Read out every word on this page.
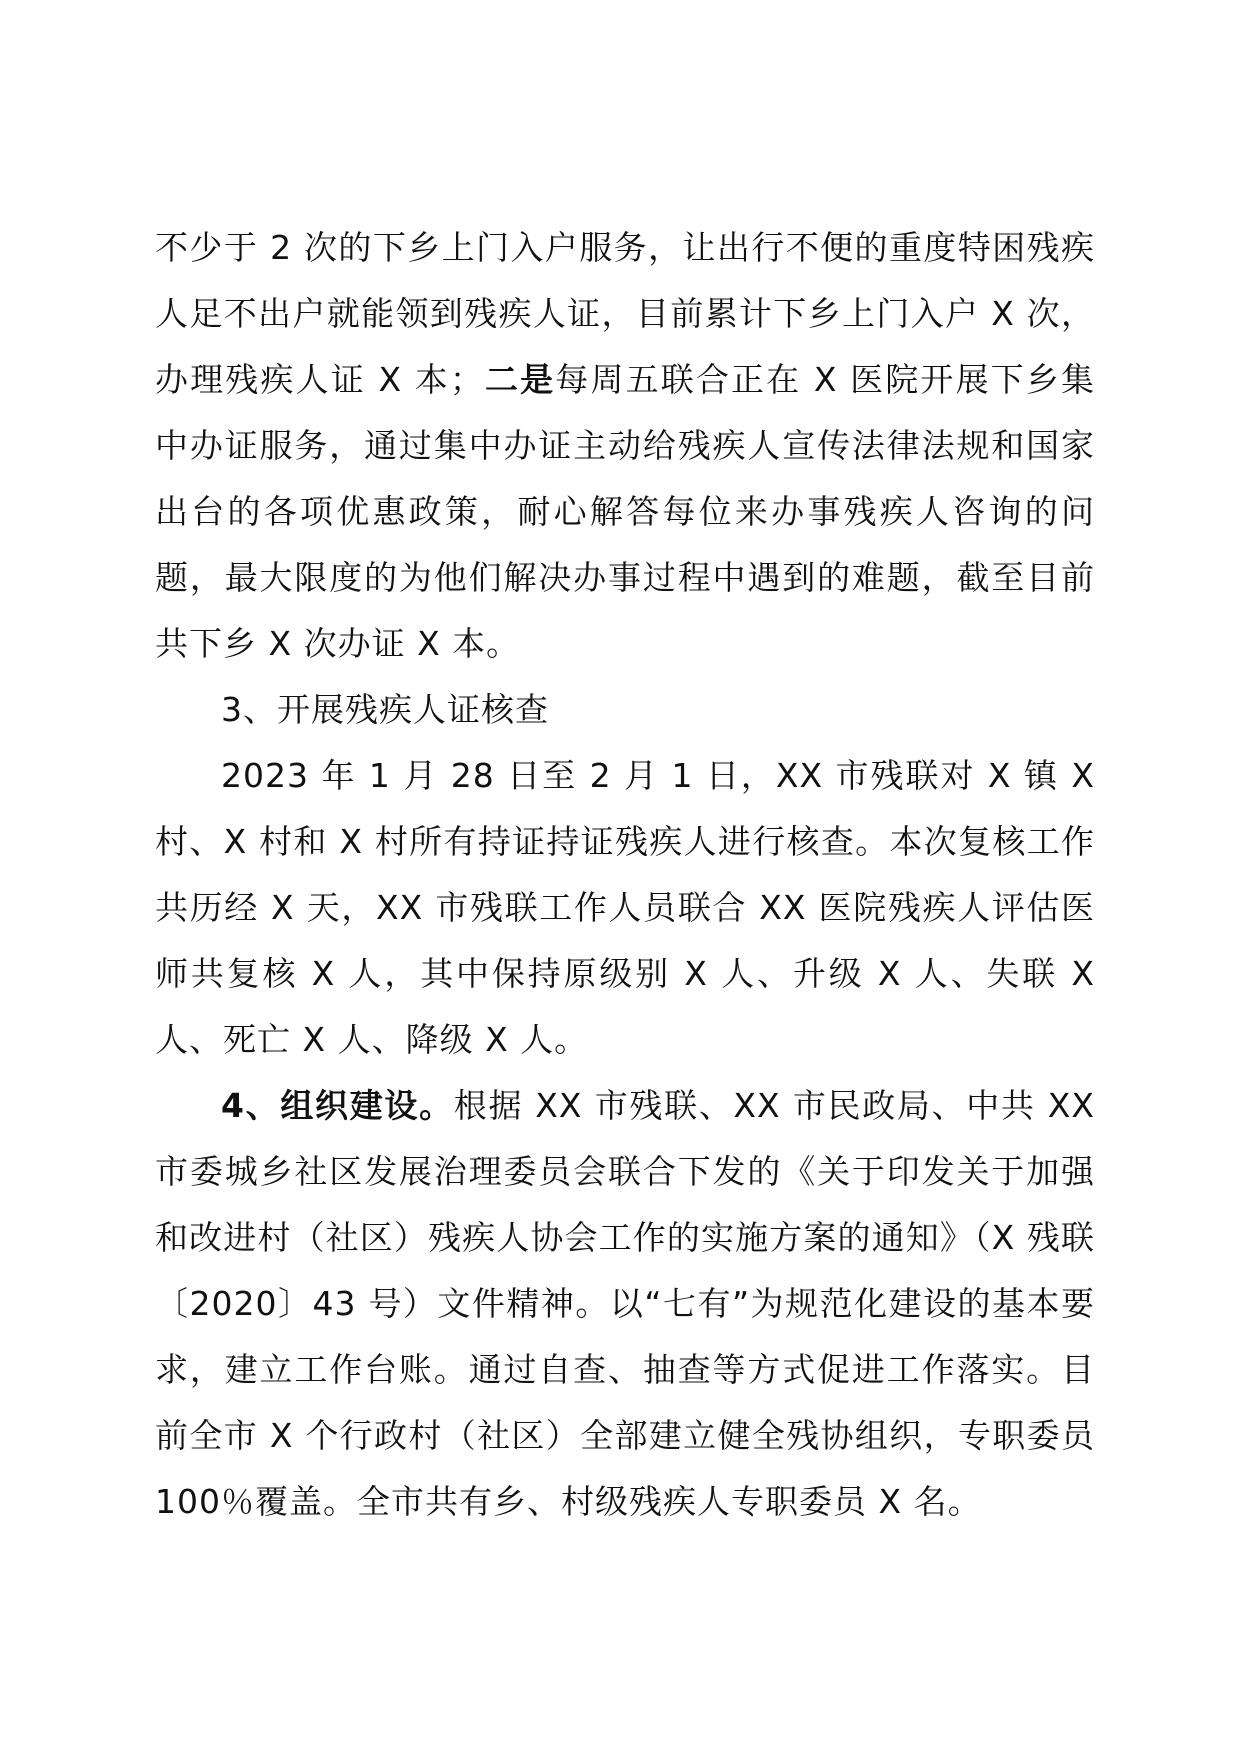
不少于 2 次的下乡上门入户服务，让出行不便的重度特困残疾人足不出户就能领到残疾人证，目前累计下乡上门入户 X 次，办理残疾人证 X 本；二是每周五联合正在 X 医院开展下乡集中办证服务，通过集中办证主动给残疾人宣传法律法规和国家出台的各项优惠政策，耐心解答每位来办事残疾人咨询的问题，最大限度的为他们解决办事过程中遇到的难题，截至目前共下乡 X 次办证 X 本。

3、开展残疾人证核查

2023 年 1 月 28 日至 2 月 1 日，XX 市残联对 X 镇 X 村、X 村和 X 村所有持证持证残疾人进行核查。本次复核工作共历经 X 天，XX 市残联工作人员联合 XX 医院残疾人评估医师共复核 X 人，其中保持原级别 X 人、升级 X 人、失联 X 人、死亡 X 人、降级 X 人。

4、组织建设。根据 XX 市残联、XX 市民政局、中共 XX 市委城乡社区发展治理委员会联合下发的《关于印发关于加强和改进村（社区）残疾人协会工作的实施方案的通知》（X 残联〔2020〕43 号）文件精神。以“七有”为规范化建设的基本要求，建立工作台账。通过自查、抽查等方式促进工作落实。目前全市 X 个行政村（社区）全部建立健全残协组织，专职委员 100％覆盖。全市共有乡、村级残疾人专职委员 X 名。
